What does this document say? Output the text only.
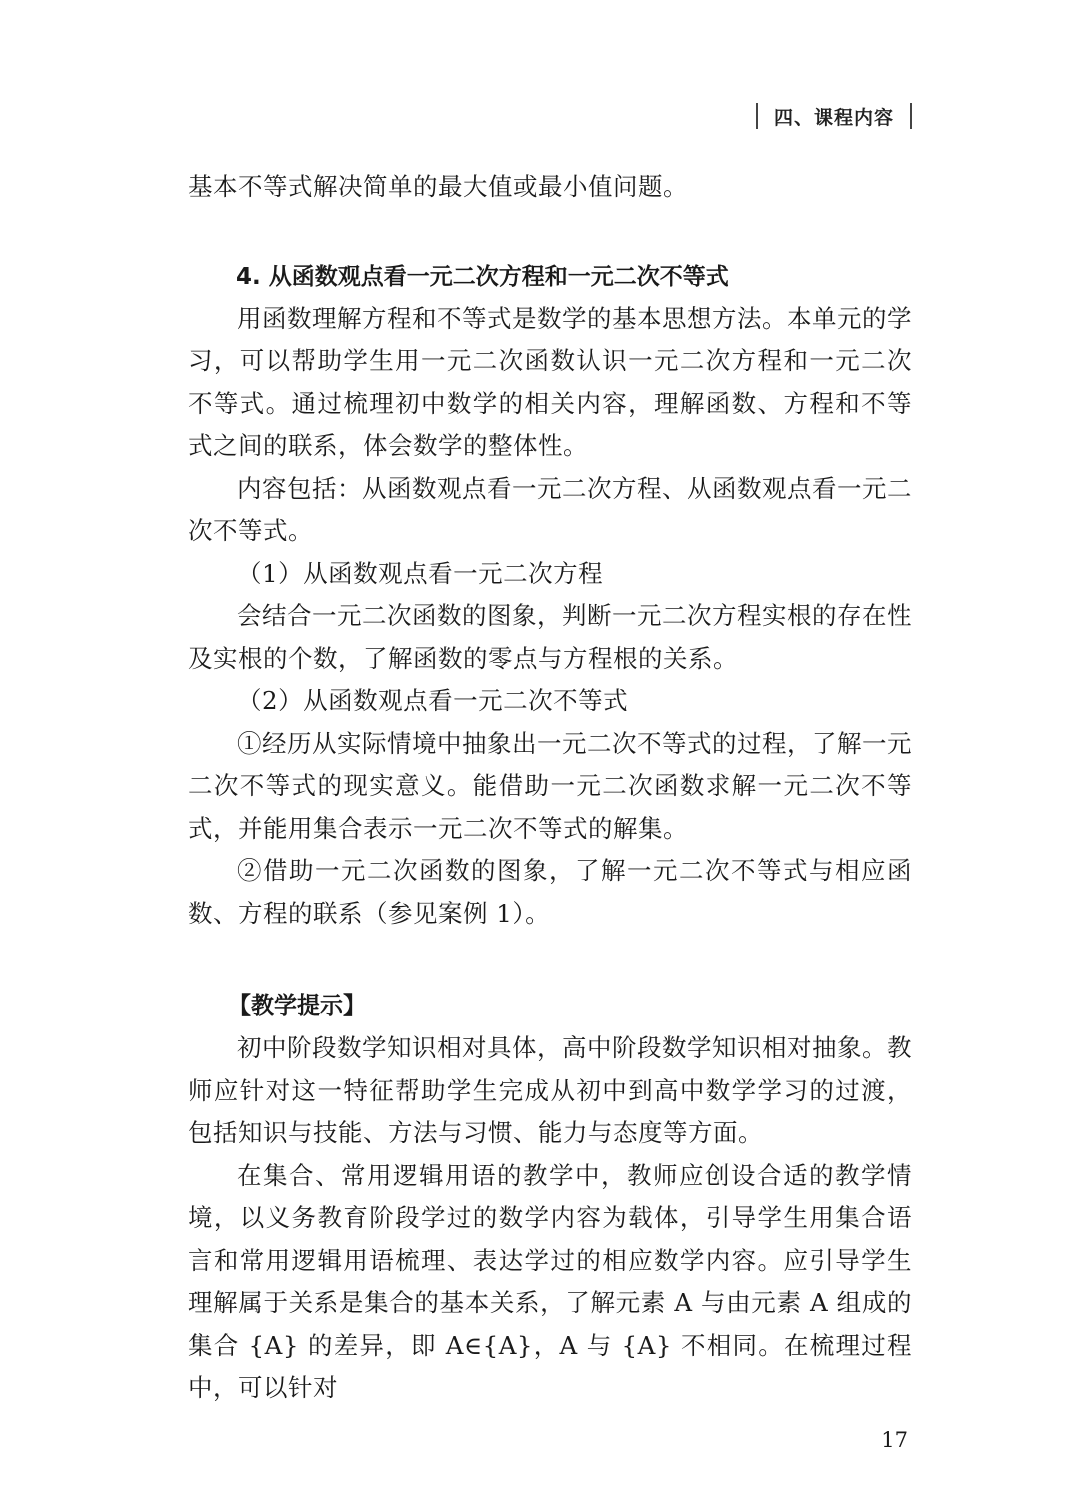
四、课程内容

基本不等式解决简单的最大值或最小值问题。

4. 从函数观点看一元二次方程和一元二次不等式

用函数理解方程和不等式是数学的基本思想方法。本单元的学习，可以帮助学生用一元二次函数认识一元二次方程和一元二次不等式。通过梳理初中数学的相关内容，理解函数、方程和不等式之间的联系，体会数学的整体性。

内容包括：从函数观点看一元二次方程、从函数观点看一元二次不等式。

（1）从函数观点看一元二次方程

会结合一元二次函数的图象，判断一元二次方程实根的存在性及实根的个数，了解函数的零点与方程根的关系。

（2）从函数观点看一元二次不等式

①经历从实际情境中抽象出一元二次不等式的过程，了解一元二次不等式的现实意义。能借助一元二次函数求解一元二次不等式，并能用集合表示一元二次不等式的解集。

②借助一元二次函数的图象，了解一元二次不等式与相应函数、方程的联系（参见案例 1）。

【教学提示】

初中阶段数学知识相对具体，高中阶段数学知识相对抽象。教师应针对这一特征帮助学生完成从初中到高中数学学习的过渡，包括知识与技能、方法与习惯、能力与态度等方面。

在集合、常用逻辑用语的教学中，教师应创设合适的教学情境，以义务教育阶段学过的数学内容为载体，引导学生用集合语言和常用逻辑用语梳理、表达学过的相应数学内容。应引导学生理解属于关系是集合的基本关系，了解元素 A 与由元素 A 组成的集合 {A} 的差异，即 A∈{A}，A 与 {A} 不相同。在梳理过程中，可以针对

17
